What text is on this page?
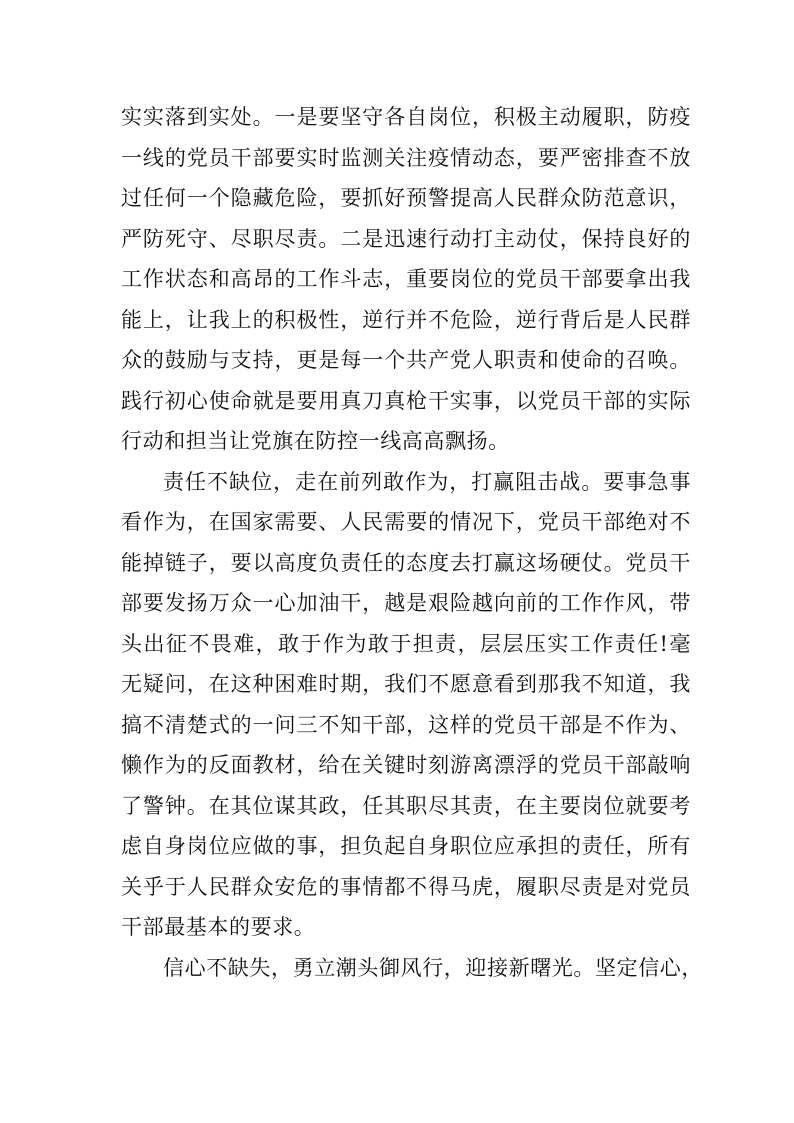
实实落到实处。一是要坚守各自岗位，积极主动履职，防疫
一线的党员干部要实时监测关注疫情动态，要严密排查不放
过任何一个隐藏危险，要抓好预警提高人民群众防范意识，
严防死守、尽职尽责。二是迅速行动打主动仗，保持良好的
工作状态和高昂的工作斗志，重要岗位的党员干部要拿出我
能上，让我上的积极性，逆行并不危险，逆行背后是人民群
众的鼓励与支持，更是每一个共产党人职责和使命的召唤。
践行初心使命就是要用真刀真枪干实事，以党员干部的实际
行动和担当让党旗在防控一线高高飘扬。
责任不缺位，走在前列敢作为，打赢阻击战。要事急事
看作为，在国家需要、人民需要的情况下，党员干部绝对不
能掉链子，要以高度负责任的态度去打赢这场硬仗。党员干
部要发扬万众一心加油干，越是艰险越向前的工作作风，带
头出征不畏难，敢于作为敢于担责，层层压实工作责任!毫
无疑问，在这种困难时期，我们不愿意看到那我不知道，我
搞不清楚式的一问三不知干部，这样的党员干部是不作为、
懒作为的反面教材，给在关键时刻游离漂浮的党员干部敲响
了警钟。在其位谋其政，任其职尽其责，在主要岗位就要考
虑自身岗位应做的事，担负起自身职位应承担的责任，所有
关乎于人民群众安危的事情都不得马虎，履职尽责是对党员
干部最基本的要求。
信心不缺失，勇立潮头御风行，迎接新曙光。坚定信心，
